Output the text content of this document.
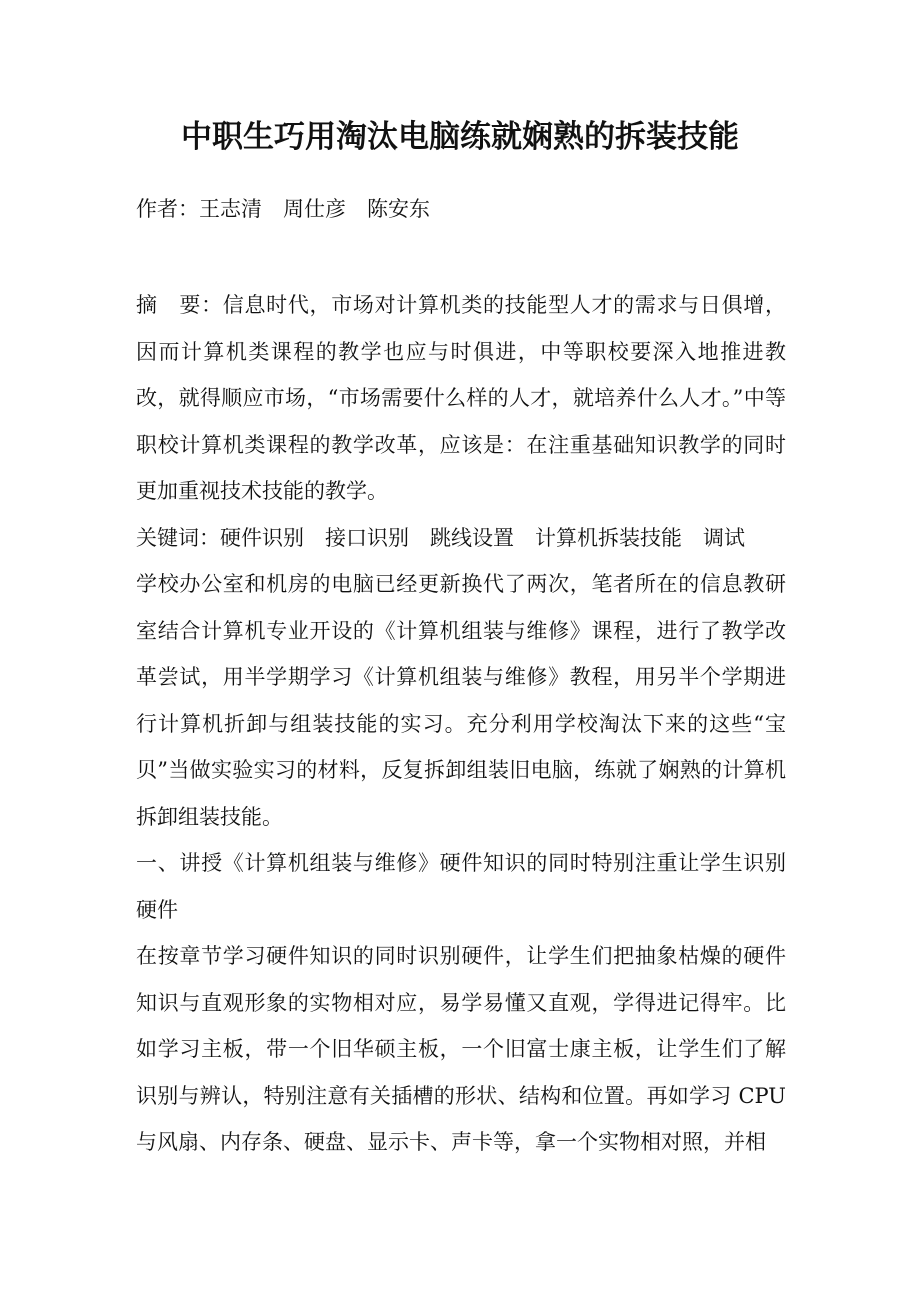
中职生巧用淘汰电脑练就娴熟的拆装技能
作者：王志清　周仕彦　陈安东

摘　要：信息时代，市场对计算机类的技能型人才的需求与日俱增，因而计算机类课程的教学也应与时俱进，中等职校要深入地推进教改，就得顺应市场，“市场需要什么样的人才，就培养什么人才。”中等职校计算机类课程的教学改革，应该是：在注重基础知识教学的同时更加重视技术技能的教学。

关键词：硬件识别 接口识别 跳线设置 计算机拆装技能 调试

学校办公室和机房的电脑已经更新换代了两次，笔者所在的信息教研室结合计算机专业开设的《计算机组装与维修》课程，进行了教学改革尝试，用半学期学习《计算机组装与维修》教程，用另半个学期进行计算机折卸与组装技能的实习。充分利用学校淘汰下来的这些“宝贝”当做实验实习的材料，反复拆卸组装旧电脑，练就了娴熟的计算机拆卸组装技能。

一、讲授《计算机组装与维修》硬件知识的同时特别注重让学生识别硬件

在按章节学习硬件知识的同时识别硬件，让学生们把抽象枯燥的硬件知识与直观形象的实物相对应，易学易懂又直观，学得进记得牢。比如学习主板，带一个旧华硕主板，一个旧富士康主板，让学生们了解识别与辨认，特别注意有关插槽的形状、结构和位置。再如学习 CPU 与风扇、内存条、硬盘、显示卡、声卡等，拿一个实物相对照，并相
